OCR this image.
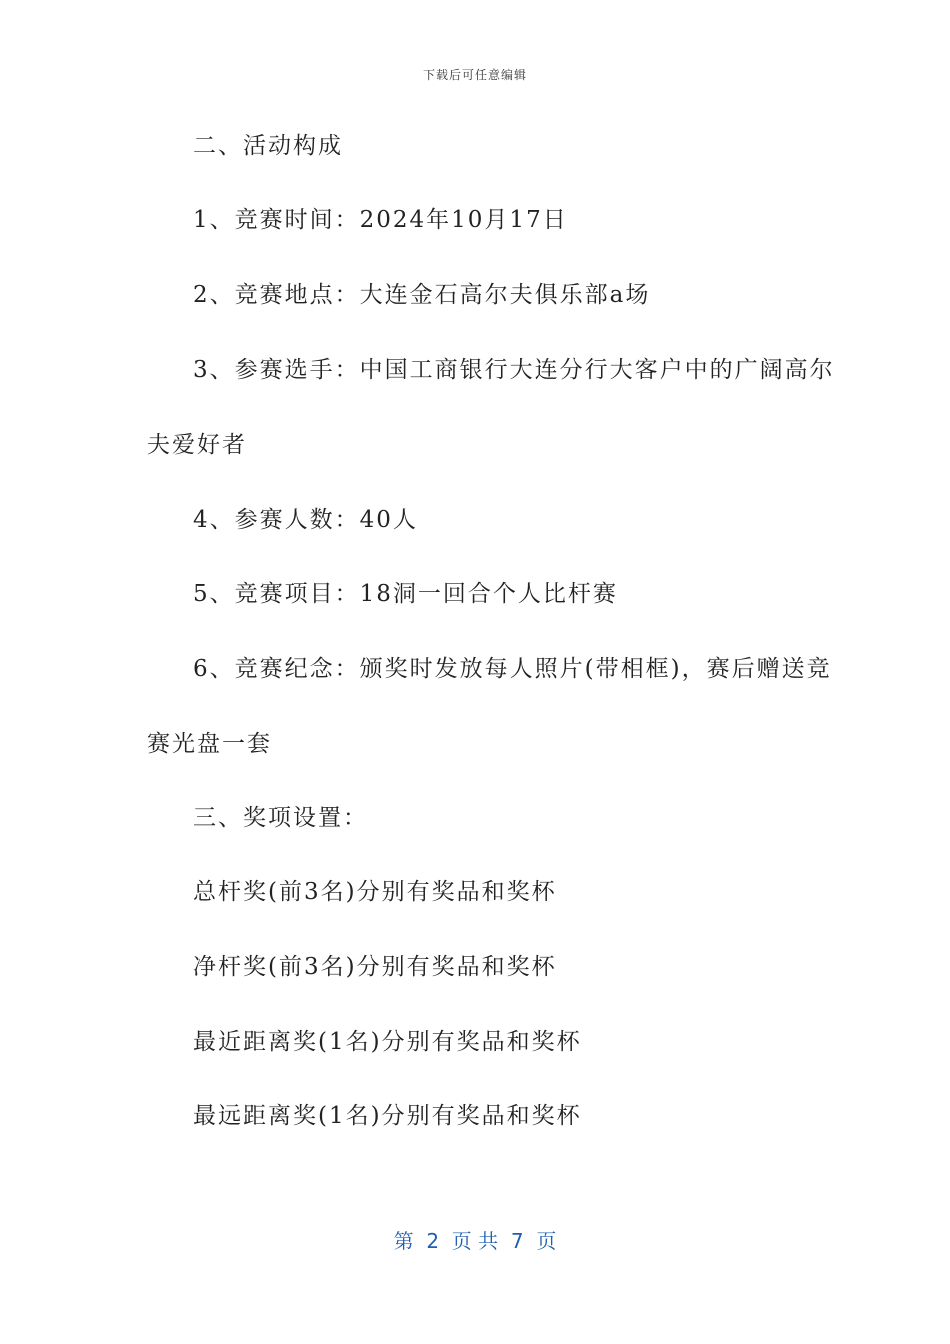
下载后可任意编辑
二、活动构成
1、竞赛时间：2024年10月17日
2、竞赛地点：大连金石高尔夫俱乐部a场
3、参赛选手：中国工商银行大连分行大客户中的广阔高尔
夫爱好者
4、参赛人数：40人
5、竞赛项目：18洞一回合个人比杆赛
6、竞赛纪念：颁奖时发放每人照片(带相框)，赛后赠送竞
赛光盘一套
三、奖项设置：
总杆奖(前3名)分别有奖品和奖杯
净杆奖(前3名)分别有奖品和奖杯
最近距离奖(1名)分别有奖品和奖杯
最远距离奖(1名)分别有奖品和奖杯
第  2  页 共  7  页
